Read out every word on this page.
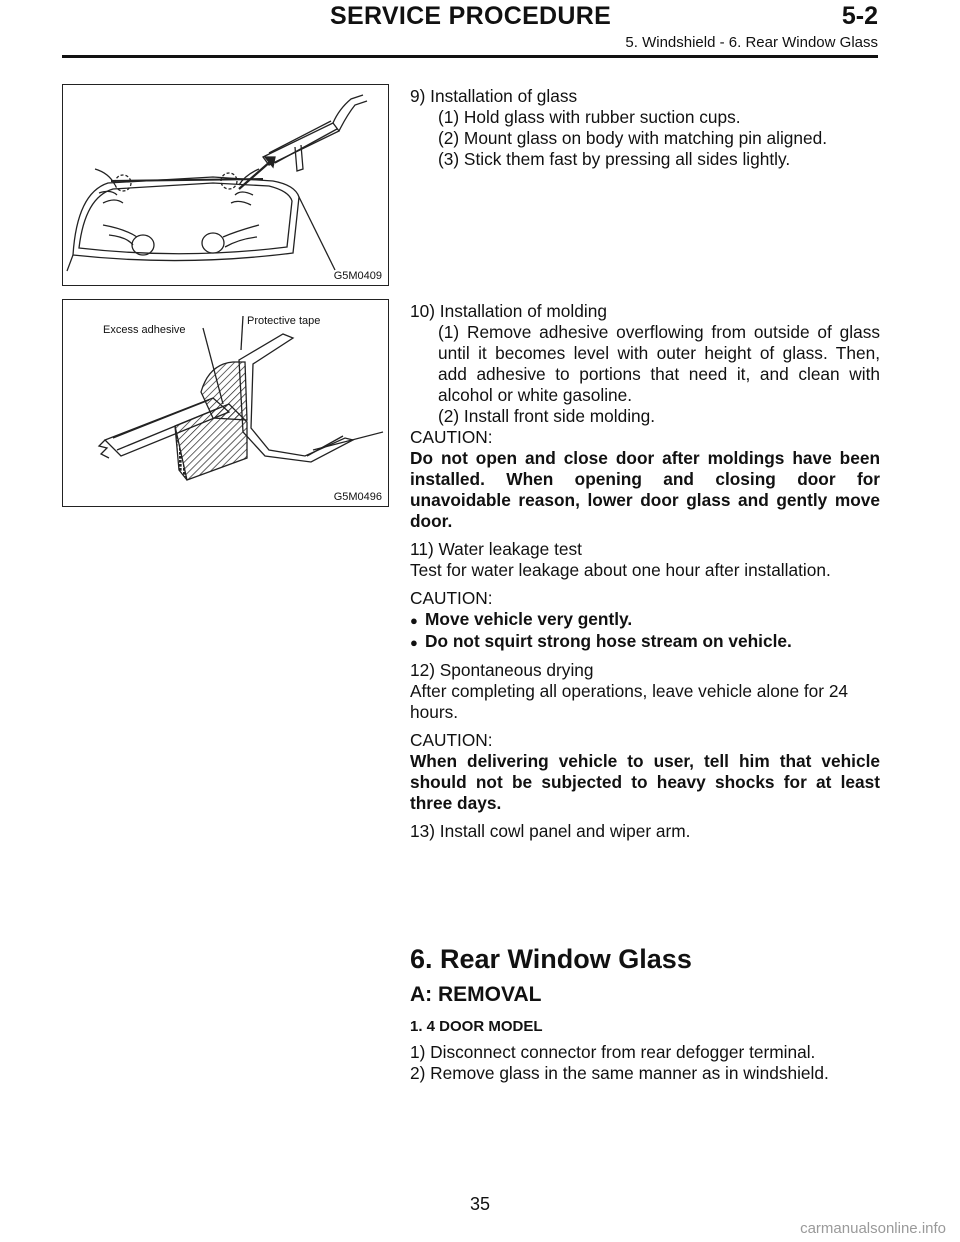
SERVICE PROCEDURE	5-2
5. Windshield - 6. Rear Window Glass
G5M0409
Excess adhesive
Protective tape
G5M0496

9) Installation of glass

(1) Hold glass with rubber suction cups.

(2) Mount glass on body with matching pin aligned.

(3) Stick them fast by pressing all sides lightly.

10) Installation of molding

(1) Remove adhesive overflowing from outside of glass until it becomes level with outer height of glass. Then, add adhesive to portions that need it, and clean with alcohol or white gasoline.

(2) Install front side molding.

CAUTION:

Do not open and close door after moldings have been installed. When opening and closing door for unavoidable reason, lower door glass and gently move door.

11) Water leakage test

Test for water leakage about one hour after installation.

CAUTION:

● Move vehicle very gently.

● Do not squirt strong hose stream on vehicle.

12) Spontaneous drying

After completing all operations, leave vehicle alone for 24 hours.

CAUTION:

When delivering vehicle to user, tell him that vehicle should not be subjected to heavy shocks for at least three days.

13) Install cowl panel and wiper arm.

6. Rear Window Glass
A: REMOVAL

1. 4 DOOR MODEL

1) Disconnect connector from rear defogger terminal.

2) Remove glass in the same manner as in windshield.

35
carmanualsonline.info
